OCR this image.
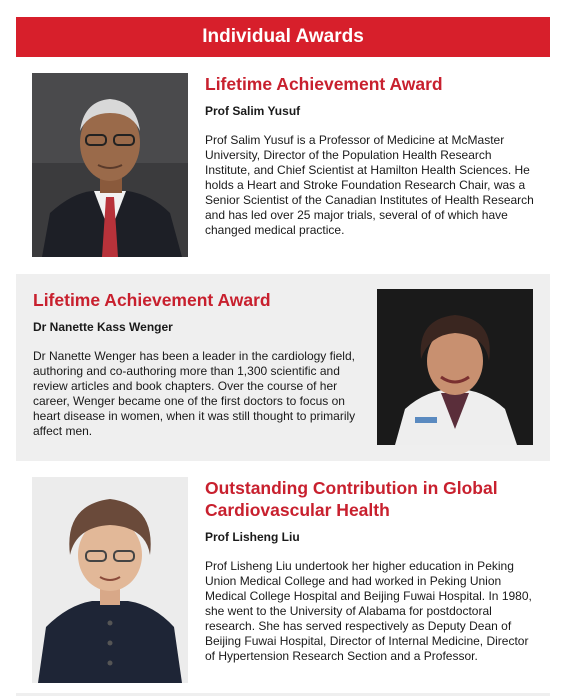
Individual Awards

Lifetime Achievement Award

Prof Salim Yusuf

Prof Salim Yusuf is a Professor of Medicine at McMaster University, Director of the Population Health Research Institute, and Chief Scientist at Hamilton Health Sciences. He holds a Heart and Stroke Foundation Research Chair, was a Senior Scientist of the Canadian Institutes of Health Research and has led over 25 major trials, several of of which have changed medical practice.

Lifetime Achievement Award

Dr Nanette Kass Wenger

Dr Nanette Wenger has been a leader in the cardiology field, authoring and co-authoring more than 1,300 scientific and review articles and book chapters. Over the course of her career, Wenger became one of the first doctors to focus on heart disease in women, when it was still thought to primarily affect men.

Outstanding Contribution in Global Cardiovascular Health

Prof Lisheng Liu

Prof Lisheng Liu undertook her higher education in Peking Union Medical College and had worked in Peking Union Medical College Hospital and Beijing Fuwai Hospital. In 1980, she went to the University of Alabama for postdoctoral research. She has served respectively as Deputy Dean of Beijing Fuwai Hospital, Director of Internal Medicine, Director of Hypertension Research Section and a Professor.
